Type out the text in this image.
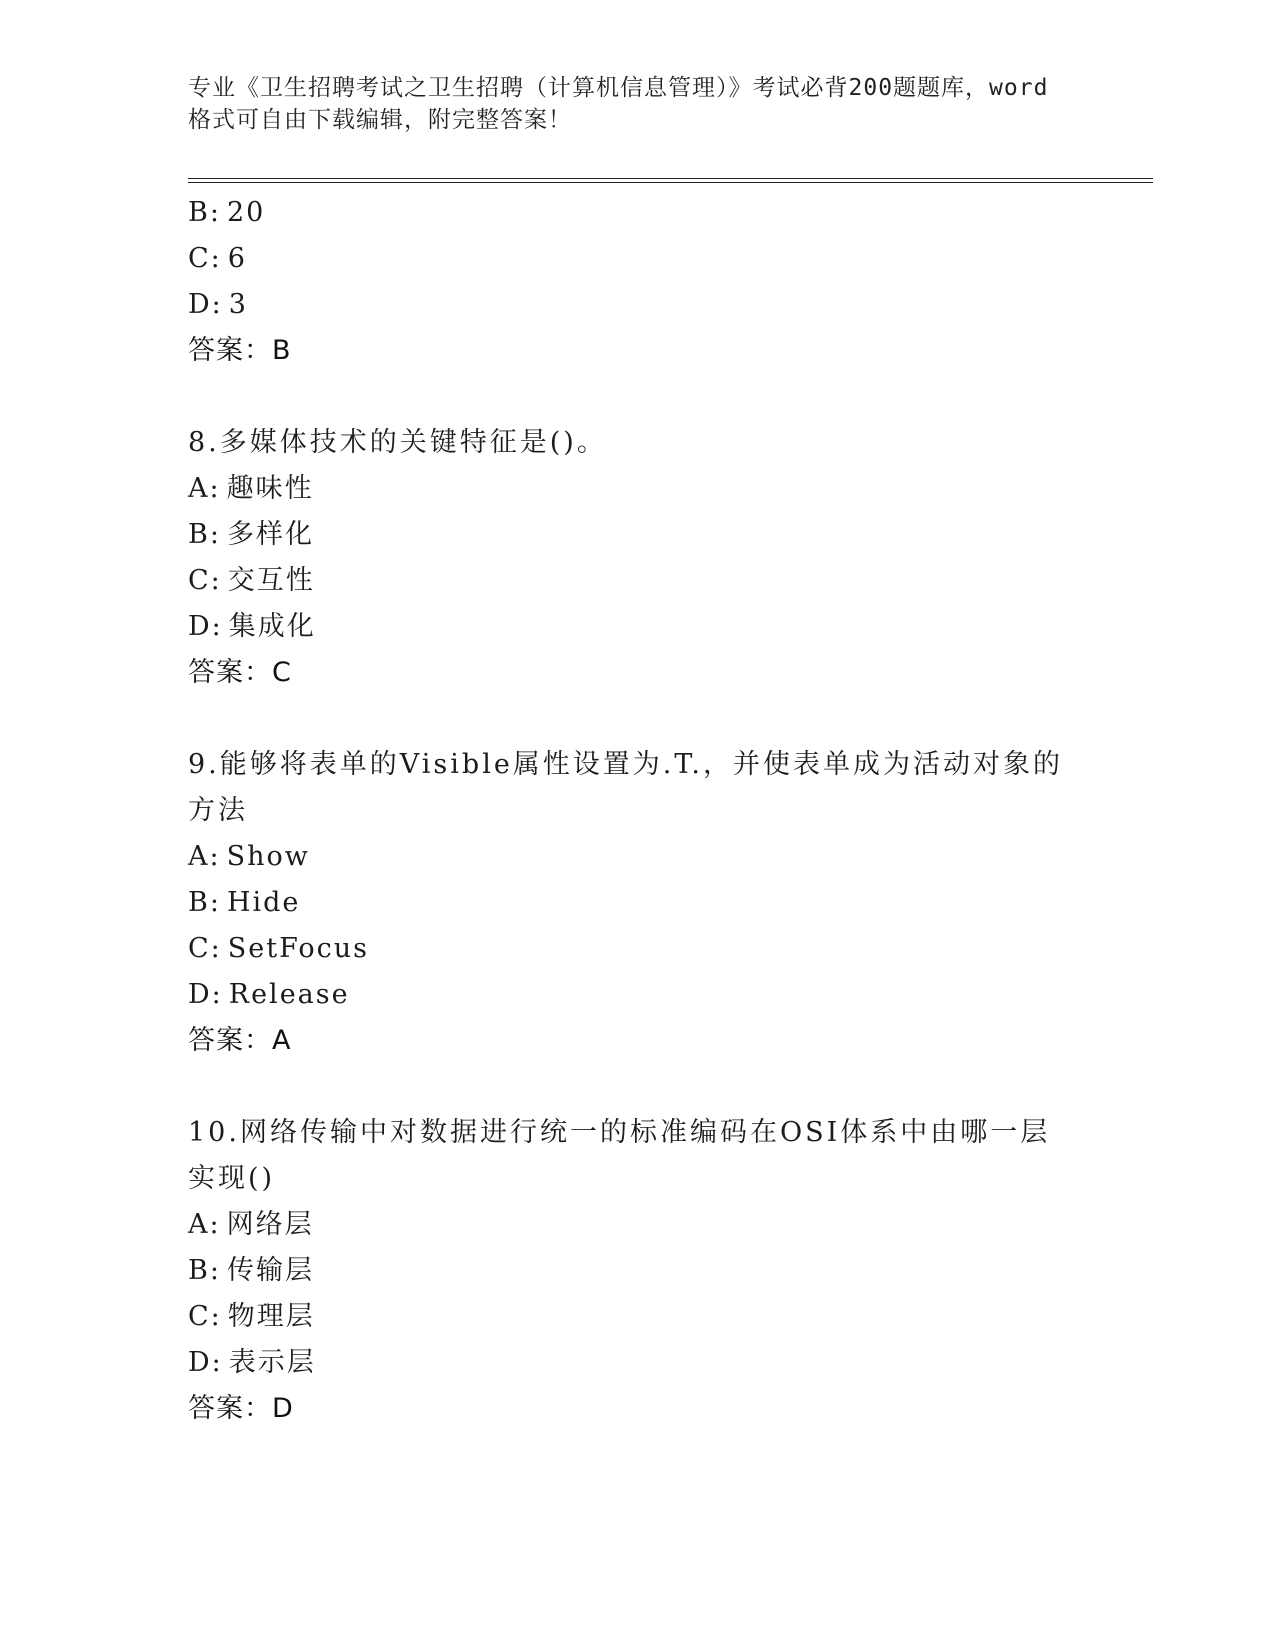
专业《卫生招聘考试之卫生招聘（计算机信息管理）》考试必背200题题库，word
格式可自由下载编辑，附完整答案！
B: 20
C: 6
D: 3
答案：B
8.多媒体技术的关键特征是()。
A: 趣味性
B: 多样化
C: 交互性
D: 集成化
答案：C
9.能够将表单的Visible属性设置为.T.，并使表单成为活动对象的方法
A: Show
B: Hide
C: SetFocus
D: Release
答案：A
10.网络传输中对数据进行统一的标准编码在OSI体系中由哪一层实现()
A: 网络层
B: 传输层
C: 物理层
D: 表示层
答案：D
